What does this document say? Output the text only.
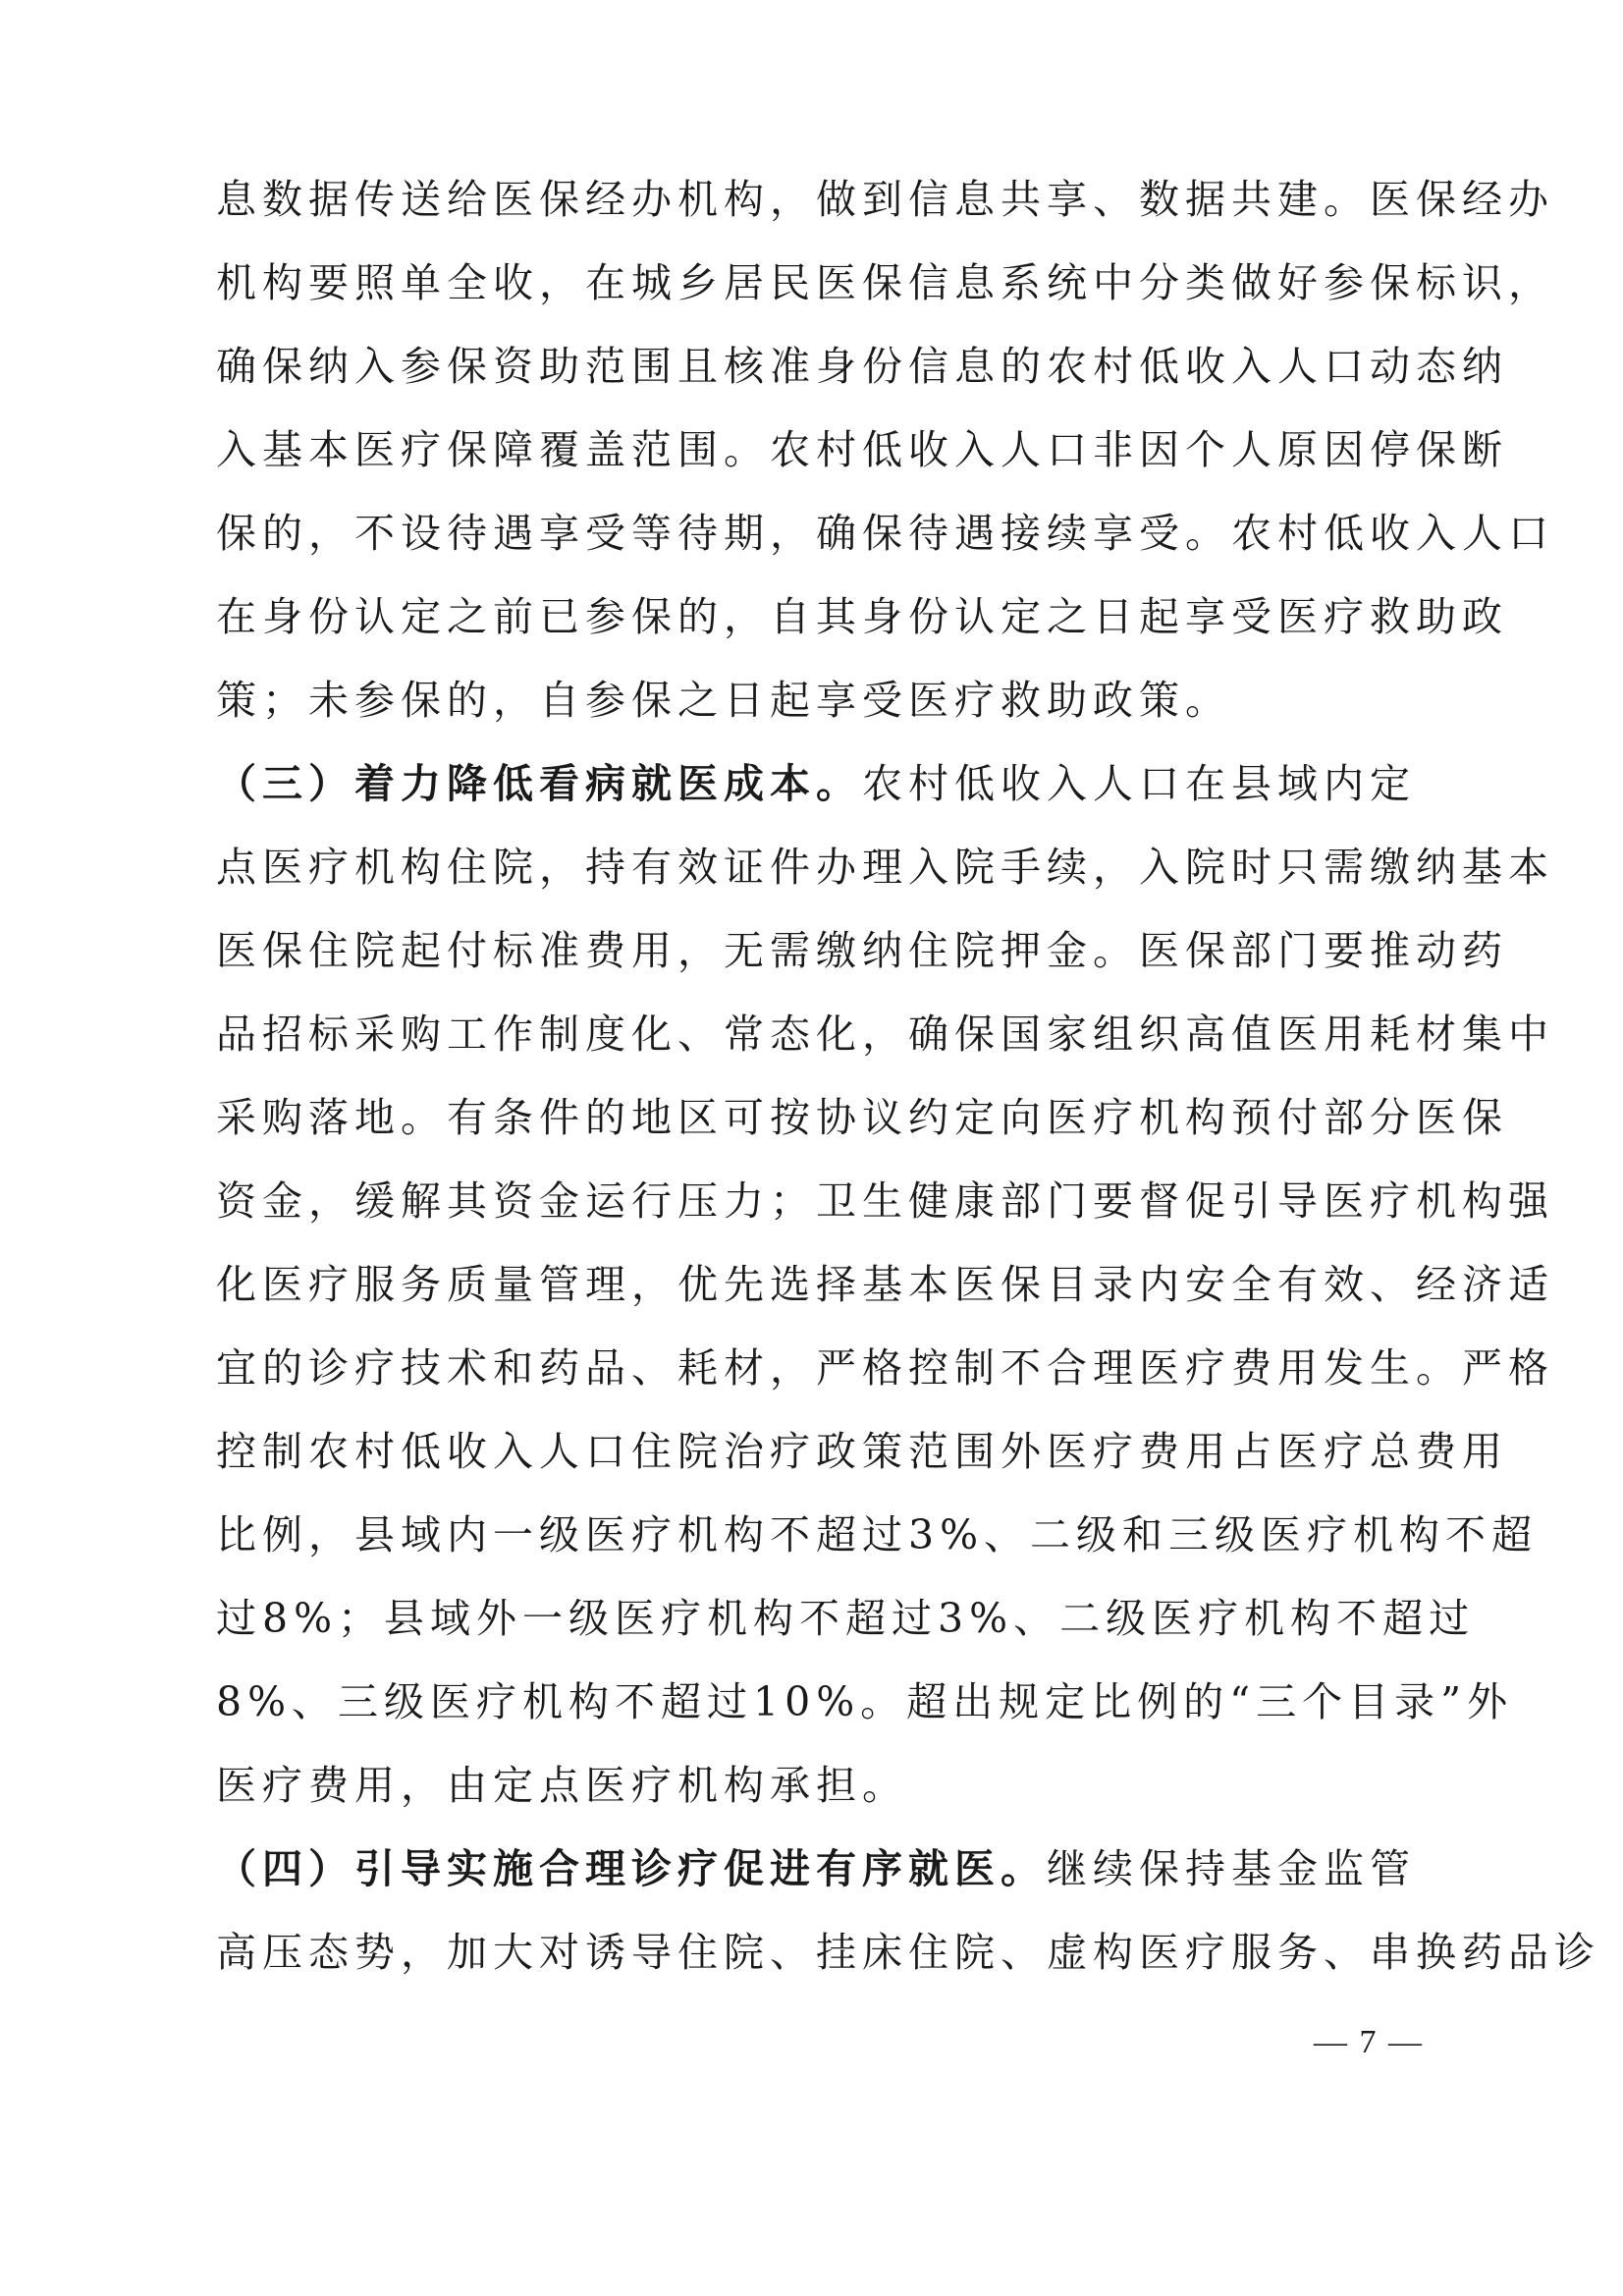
息数据传送给医保经办机构，做到信息共享、数据共建。医保经办
机构要照单全收，在城乡居民医保信息系统中分类做好参保标识，
确保纳入参保资助范围且核准身份信息的农村低收入人口动态纳
入基本医疗保障覆盖范围。农村低收入人口非因个人原因停保断
保的，不设待遇享受等待期，确保待遇接续享受。农村低收入人口
在身份认定之前已参保的，自其身份认定之日起享受医疗救助政
策；未参保的，自参保之日起享受医疗救助政策。
（三）着力降低看病就医成本。农村低收入人口在县域内定
点医疗机构住院，持有效证件办理入院手续，入院时只需缴纳基本
医保住院起付标准费用，无需缴纳住院押金。医保部门要推动药
品招标采购工作制度化、常态化，确保国家组织高值医用耗材集中
采购落地。有条件的地区可按协议约定向医疗机构预付部分医保
资金，缓解其资金运行压力；卫生健康部门要督促引导医疗机构强
化医疗服务质量管理，优先选择基本医保目录内安全有效、经济适
宜的诊疗技术和药品、耗材，严格控制不合理医疗费用发生。严格
控制农村低收入人口住院治疗政策范围外医疗费用占医疗总费用
比例，县域内一级医疗机构不超过3%、二级和三级医疗机构不超
过8%；县域外一级医疗机构不超过3%、二级医疗机构不超过
8%、三级医疗机构不超过10%。超出规定比例的“三个目录”外
医疗费用，由定点医疗机构承担。
（四）引导实施合理诊疗促进有序就医。继续保持基金监管
高压态势，加大对诱导住院、挂床住院、虚构医疗服务、串换药品诊
— 7 —
